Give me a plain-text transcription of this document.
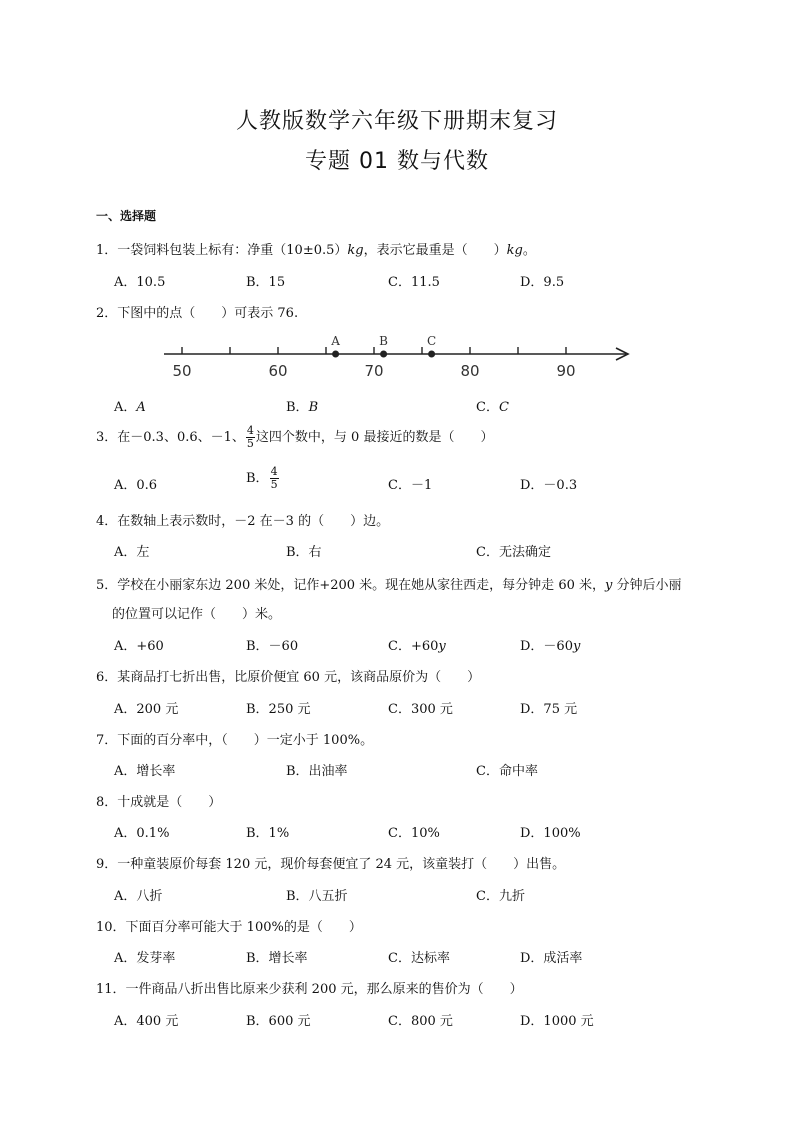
人教版数学六年级下册期末复习
专题 01 数与代数
一、选择题
1．一袋饲料包装上标有：净重（10±0.5）kg，表示它最重是（　　）kg。
A．10.5	B．15	C．11.5	D．9.5
2．下图中的点（　　）可表示 76.
50	60	70	80	90
A	B	C
A．A	B．B	C．C
3．在－0.3、0.6、－1、 $\frac{4}{5}$ 这四个数中，与 0 最接近的数是（　　）
A．0.6	B． $\frac{4}{5}$	C．－1	D．－0.3
4．在数轴上表示数时，－2 在－3 的（　　）边。
A．左	B．右	C．无法确定
5．学校在小丽家东边 200 米处，记作+200 米。现在她从家往西走，每分钟走 60 米，y 分钟后小丽
的位置可以记作（　　）米。
A．+60	B．－60	C．+60y	D．－60y
6．某商品打七折出售，比原价便宜 60 元，该商品原价为（　　）
A．200 元	B．250 元	C．300 元	D．75 元
7．下面的百分率中，（　　）一定小于 100%。
A．增长率	B．出油率	C．命中率
8．十成就是（　　）
A．0.1%	B．1%	C．10%	D．100%
9．一种童装原价每套 120 元，现价每套便宜了 24 元，该童装打（　　）出售。
A．八折	B．八五折	C．九折
10．下面百分率可能大于 100%的是（　　）
A．发芽率	B．增长率	C．达标率	D．成活率
11．一件商品八折出售比原来少获利 200 元，那么原来的售价为（　　）
A．400 元	B．600 元	C．800 元	D．1000 元
